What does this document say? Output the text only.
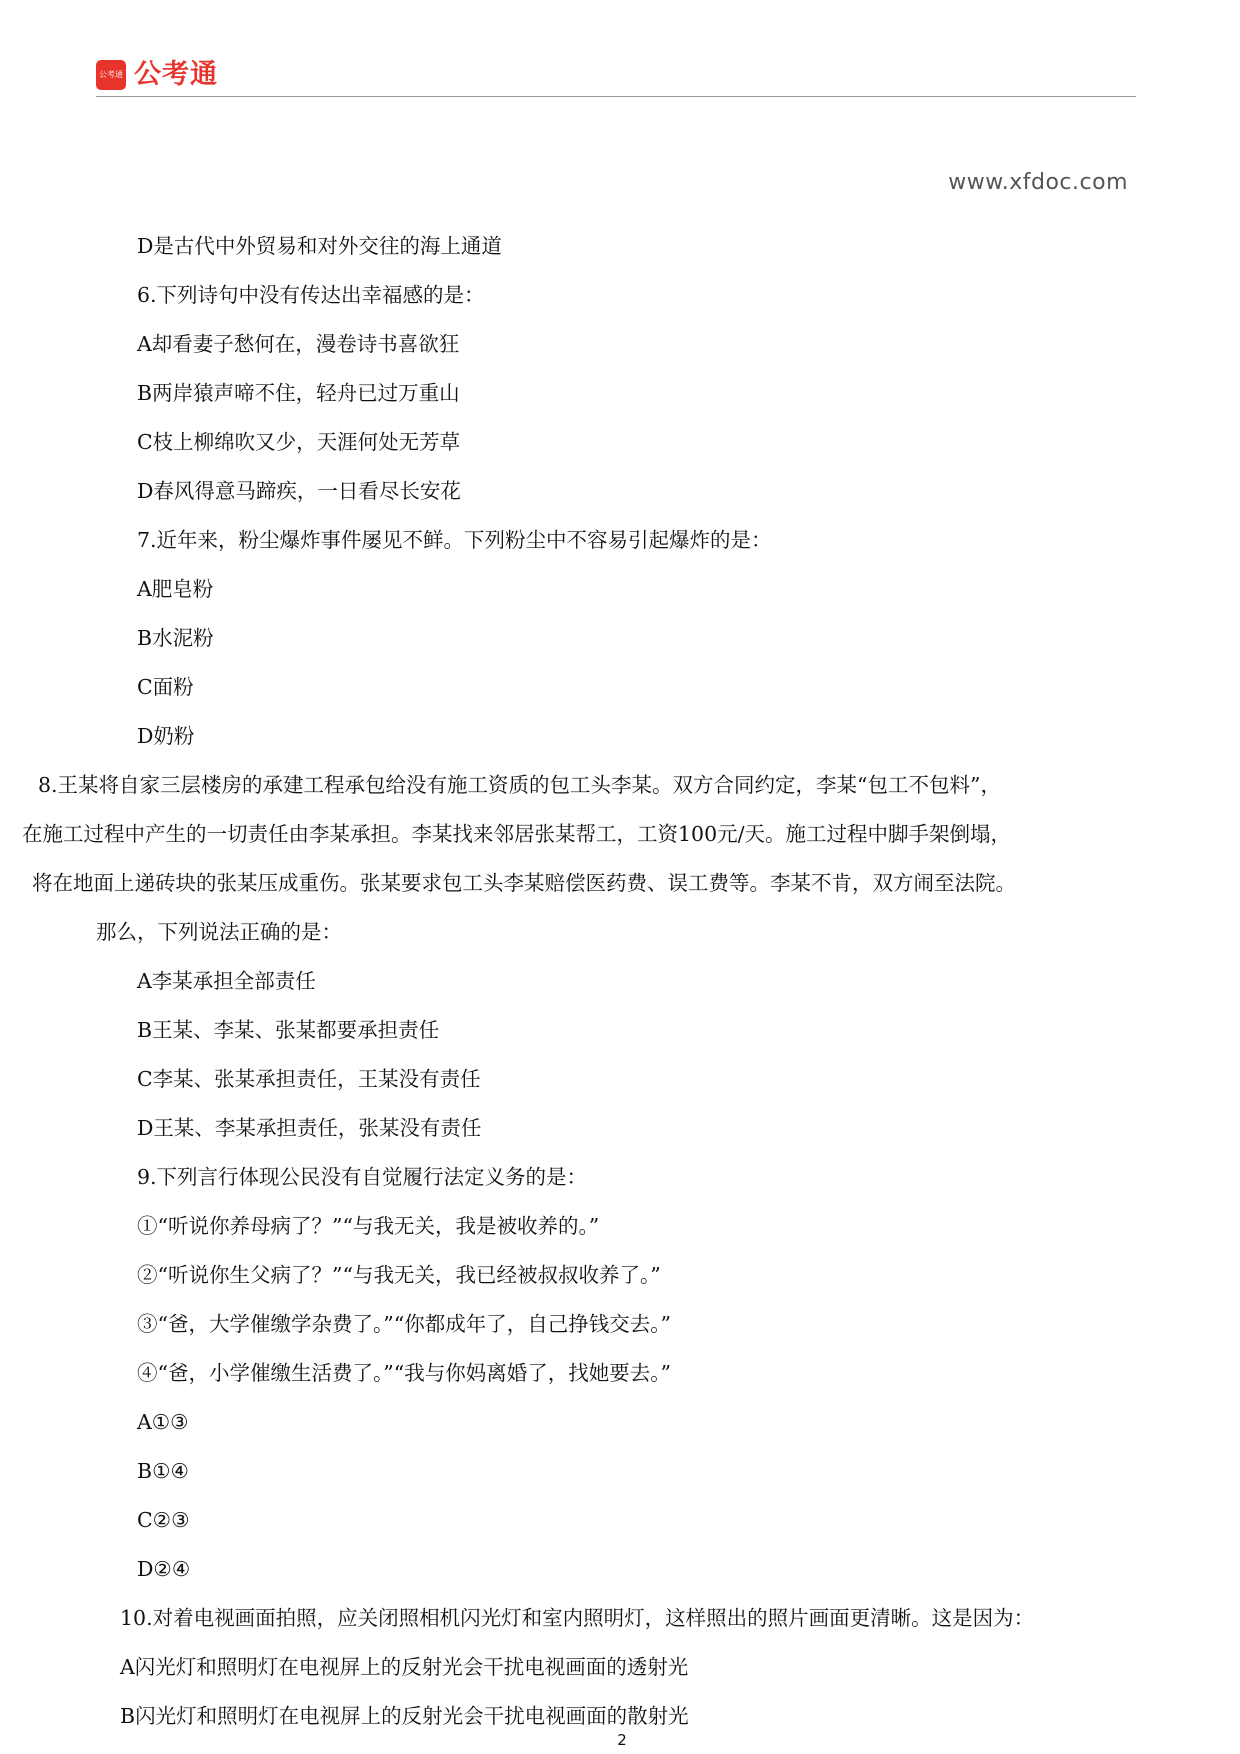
公考通 公考通
www.xfdoc.com
D是古代中外贸易和对外交往的海上通道
6.下列诗句中没有传达出幸福感的是：
A却看妻子愁何在，漫卷诗书喜欲狂
B两岸猿声啼不住，轻舟已过万重山
C枝上柳绵吹又少，天涯何处无芳草
D春风得意马蹄疾，一日看尽长安花
7.近年来，粉尘爆炸事件屡见不鲜。下列粉尘中不容易引起爆炸的是：
A肥皂粉
B水泥粉
C面粉
D奶粉
8.王某将自家三层楼房的承建工程承包给没有施工资质的包工头李某。双方合同约定，李某“包工不包料”，
在施工过程中产生的一切责任由李某承担。李某找来邻居张某帮工，工资100元/天。施工过程中脚手架倒塌，
将在地面上递砖块的张某压成重伤。张某要求包工头李某赔偿医药费、误工费等。李某不肯，双方闹至法院。
那么，下列说法正确的是：
A李某承担全部责任
B王某、李某、张某都要承担责任
C李某、张某承担责任，王某没有责任
D王某、李某承担责任，张某没有责任
9.下列言行体现公民没有自觉履行法定义务的是：
①“听说你养母病了？”“与我无关，我是被收养的。”
②“听说你生父病了？”“与我无关，我已经被叔叔收养了。”
③“爸，大学催缴学杂费了。”“你都成年了，自己挣钱交去。”
④“爸，小学催缴生活费了。”“我与你妈离婚了，找她要去。”
A①③
B①④
C②③
D②④
10.对着电视画面拍照，应关闭照相机闪光灯和室内照明灯，这样照出的照片画面更清晰。这是因为：
A闪光灯和照明灯在电视屏上的反射光会干扰电视画面的透射光
B闪光灯和照明灯在电视屏上的反射光会干扰电视画面的散射光
2
